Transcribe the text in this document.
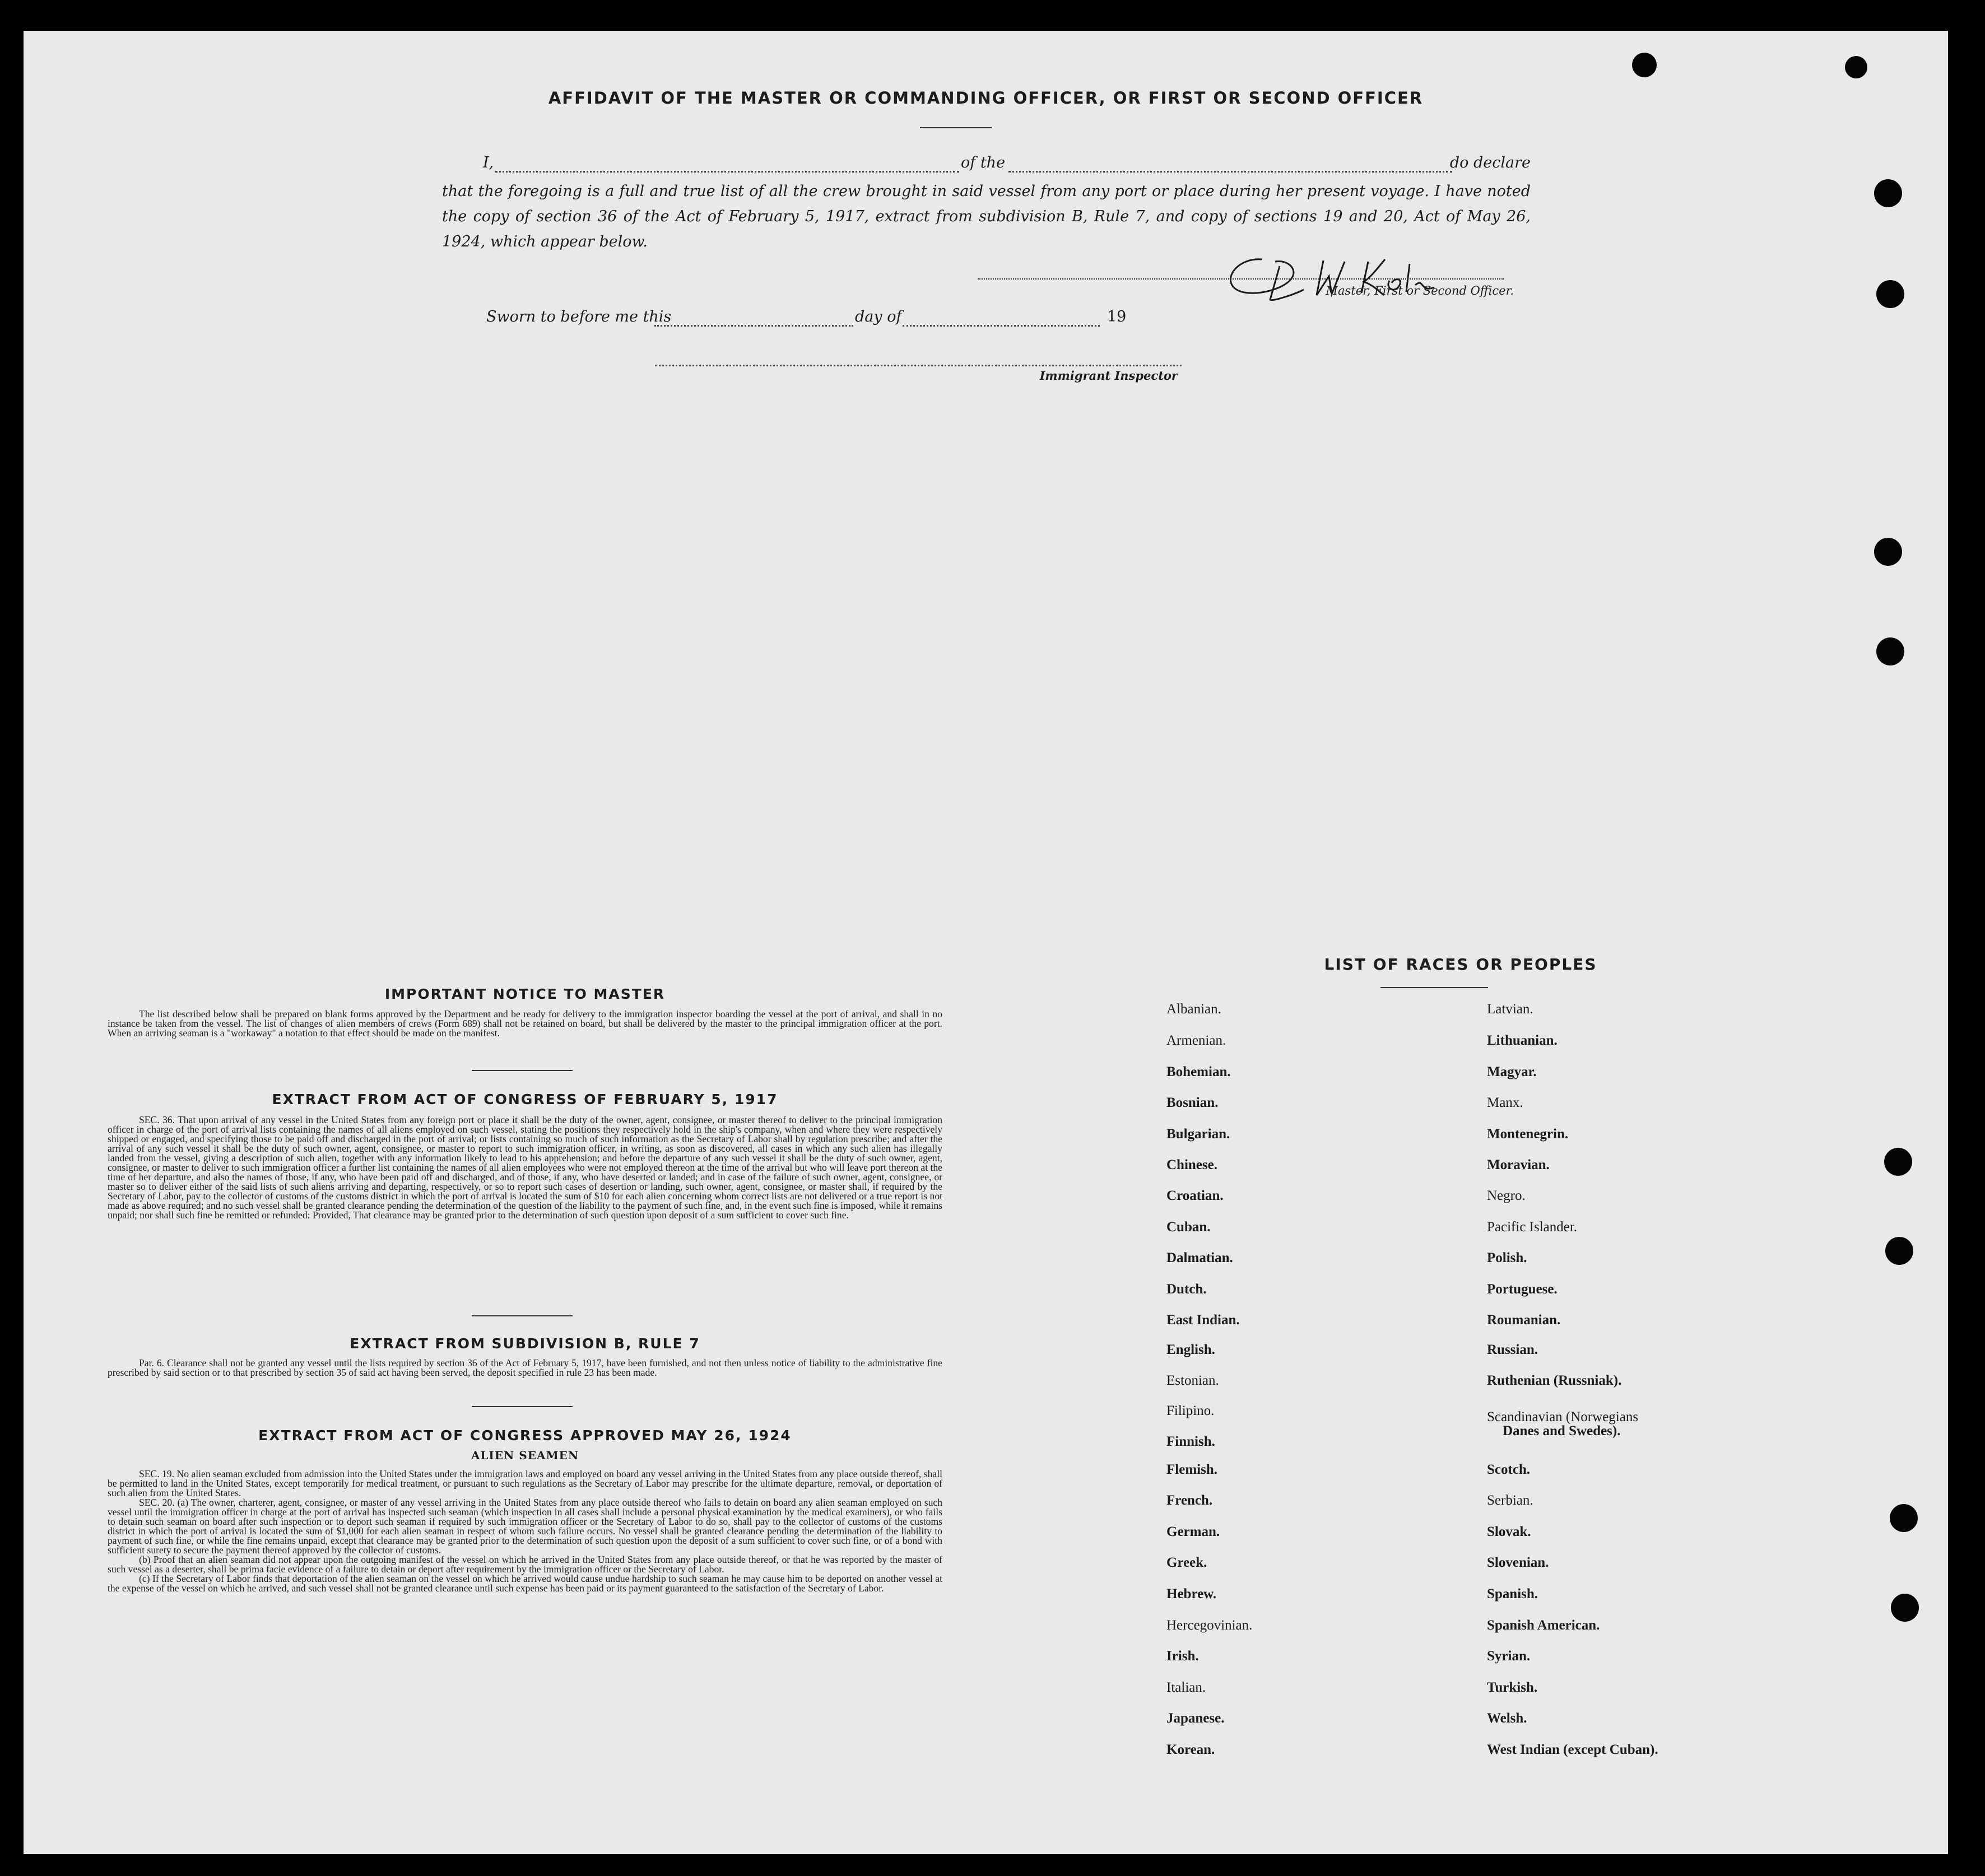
AFFIDAVIT OF THE MASTER OR COMMANDING OFFICER, OR FIRST OR SECOND OFFICER
I,	of the	do declare
that the foregoing is a full and true list of all the crew brought in said vessel from any port or place during her present voyage. I have noted the copy of section 36 of the Act of February 5, 1917, extract from subdivision B, Rule 7, and copy of sections 19 and 20, Act of May 26, 1924, which appear below.
A. W. Kole
Master, First or Second Officer.
Sworn to before me this	day of	19
Immigrant Inspector
IMPORTANT NOTICE TO MASTER

The list described below shall be prepared on blank forms approved by the Department and be ready for delivery to the immigration inspector boarding the vessel at the port of arrival, and shall in no instance be taken from the vessel. The list of changes of alien members of crews (Form 689) shall not be retained on board, but shall be delivered by the master to the principal immigration officer at the port. When an arriving seaman is a "workaway" a notation to that effect should be made on the manifest.

EXTRACT FROM ACT OF CONGRESS OF FEBRUARY 5, 1917

SEC. 36. That upon arrival of any vessel in the United States from any foreign port or place it shall be the duty of the owner, agent, consignee, or master thereof to deliver to the principal immigration officer in charge of the port of arrival lists containing the names of all aliens employed on such vessel, stating the positions they respectively hold in the ship's company, when and where they were respectively shipped or engaged, and specifying those to be paid off and discharged in the port of arrival; or lists containing so much of such information as the Secretary of Labor shall by regulation prescribe; and after the arrival of any such vessel it shall be the duty of such owner, agent, consignee, or master to report to such immigration officer, in writing, as soon as discovered, all cases in which any such alien has illegally landed from the vessel, giving a description of such alien, together with any information likely to lead to his apprehension; and before the departure of any such vessel it shall be the duty of such owner, agent, consignee, or master to deliver to such immigration officer a further list containing the names of all alien employees who were not employed thereon at the time of the arrival but who will leave port thereon at the time of her departure, and also the names of those, if any, who have been paid off and discharged, and of those, if any, who have deserted or landed; and in case of the failure of such owner, agent, consignee, or master so to deliver either of the said lists of such aliens arriving and departing, respectively, or so to report such cases of desertion or landing, such owner, agent, consignee, or master shall, if required by the Secretary of Labor, pay to the collector of customs of the customs district in which the port of arrival is located the sum of $10 for each alien concerning whom correct lists are not delivered or a true report is not made as above required; and no such vessel shall be granted clearance pending the determination of the question of the liability to the payment of such fine, and, in the event such fine is imposed, while it remains unpaid; nor shall such fine be remitted or refunded: Provided, That clearance may be granted prior to the determination of such question upon deposit of a sum sufficient to cover such fine.

EXTRACT FROM SUBDIVISION B, RULE 7

Par. 6. Clearance shall not be granted any vessel until the lists required by section 36 of the Act of February 5, 1917, have been furnished, and not then unless notice of liability to the administrative fine prescribed by said section or to that prescribed by section 35 of said act having been served, the deposit specified in rule 23 has been made.

EXTRACT FROM ACT OF CONGRESS APPROVED MAY 26, 1924
ALIEN SEAMEN

SEC. 19. No alien seaman excluded from admission into the United States under the immigration laws and employed on board any vessel arriving in the United States from any place outside thereof, shall be permitted to land in the United States, except temporarily for medical treatment, or pursuant to such regulations as the Secretary of Labor may prescribe for the ultimate departure, removal, or deportation of such alien from the United States.

SEC. 20. (a) The owner, charterer, agent, consignee, or master of any vessel arriving in the United States from any place outside thereof who fails to detain on board any alien seaman employed on such vessel until the immigration officer in charge at the port of arrival has inspected such seaman (which inspection in all cases shall include a personal physical examination by the medical examiners), or who fails to detain such seaman on board after such inspection or to deport such seaman if required by such immigration officer or the Secretary of Labor to do so, shall pay to the collector of customs of the customs district in which the port of arrival is located the sum of $1,000 for each alien seaman in respect of whom such failure occurs. No vessel shall be granted clearance pending the determination of the liability to payment of such fine, or while the fine remains unpaid, except that clearance may be granted prior to the determination of such question upon the deposit of a sum sufficient to cover such fine, or of a bond with sufficient surety to secure the payment thereof approved by the collector of customs.

(b) Proof that an alien seaman did not appear upon the outgoing manifest of the vessel on which he arrived in the United States from any place outside thereof, or that he was reported by the master of such vessel as a deserter, shall be prima facie evidence of a failure to detain or deport after requirement by the immigration officer or the Secretary of Labor.

(c) If the Secretary of Labor finds that deportation of the alien seaman on the vessel on which he arrived would cause undue hardship to such seaman he may cause him to be deported on another vessel at the expense of the vessel on which he arrived, and such vessel shall not be granted clearance until such expense has been paid or its payment guaranteed to the satisfaction of the Secretary of Labor.

LIST OF RACES OR PEOPLES
Albanian.
Armenian.
Bohemian.
Bosnian.
Bulgarian.
Chinese.
Croatian.
Cuban.
Dalmatian.
Dutch.
East Indian.
English.
Estonian.
Filipino.
Finnish.
Flemish.
French.
German.
Greek.
Hebrew.
Hercegovinian.
Irish.
Italian.
Japanese.
Korean.
Latvian.
Lithuanian.
Magyar.
Manx.
Montenegrin.
Moravian.
Negro.
Pacific Islander.
Polish.
Portuguese.
Roumanian.
Russian.
Ruthenian (Russniak).
Scandinavian (Norwegians
Danes and Swedes).
Scotch.
Serbian.
Slovak.
Slovenian.
Spanish.
Spanish American.
Syrian.
Turkish.
Welsh.
West Indian (except Cuban).
